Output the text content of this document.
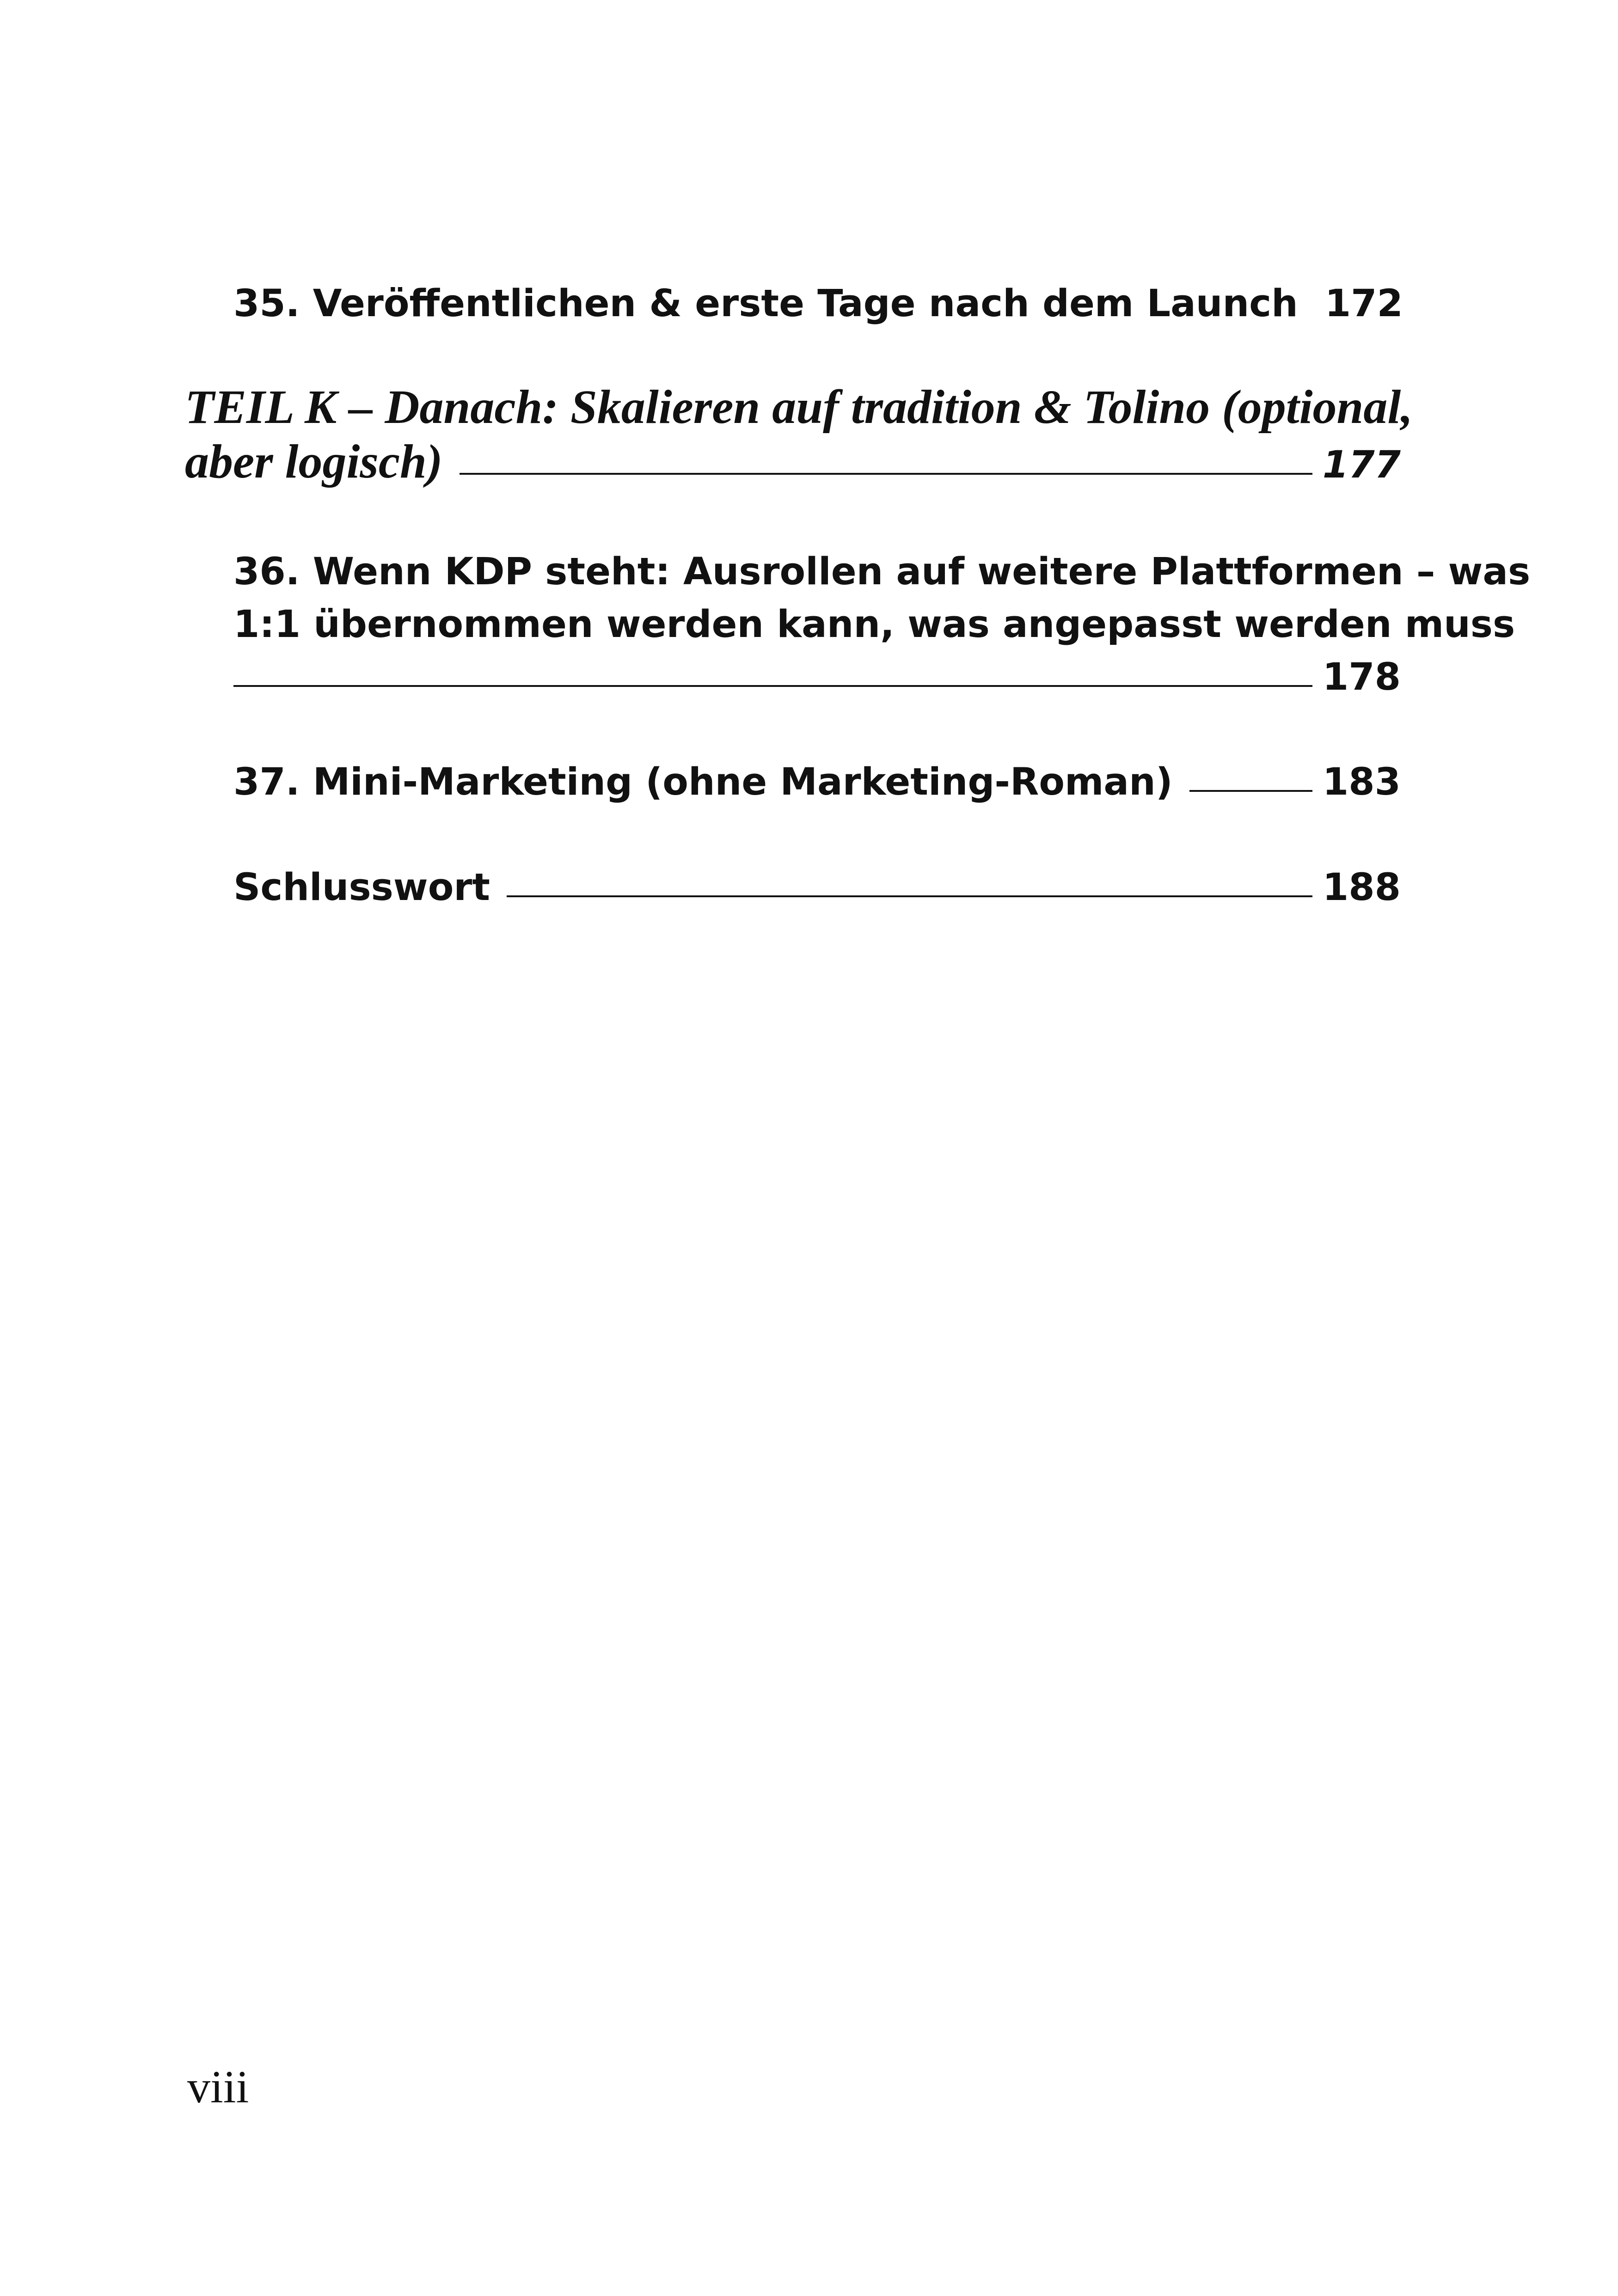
35. Veröffentlichen & erste Tage nach dem Launch 172
TEIL K – Danach: Skalieren auf tradition & Tolino (optional,
aber logisch)	177
36. Wenn KDP steht: Ausrollen auf weitere Plattformen – was
1:1 übernommen werden kann, was angepasst werden muss
178
37. Mini-Marketing (ohne Marketing-Roman)	183
Schlusswort	188
viii
